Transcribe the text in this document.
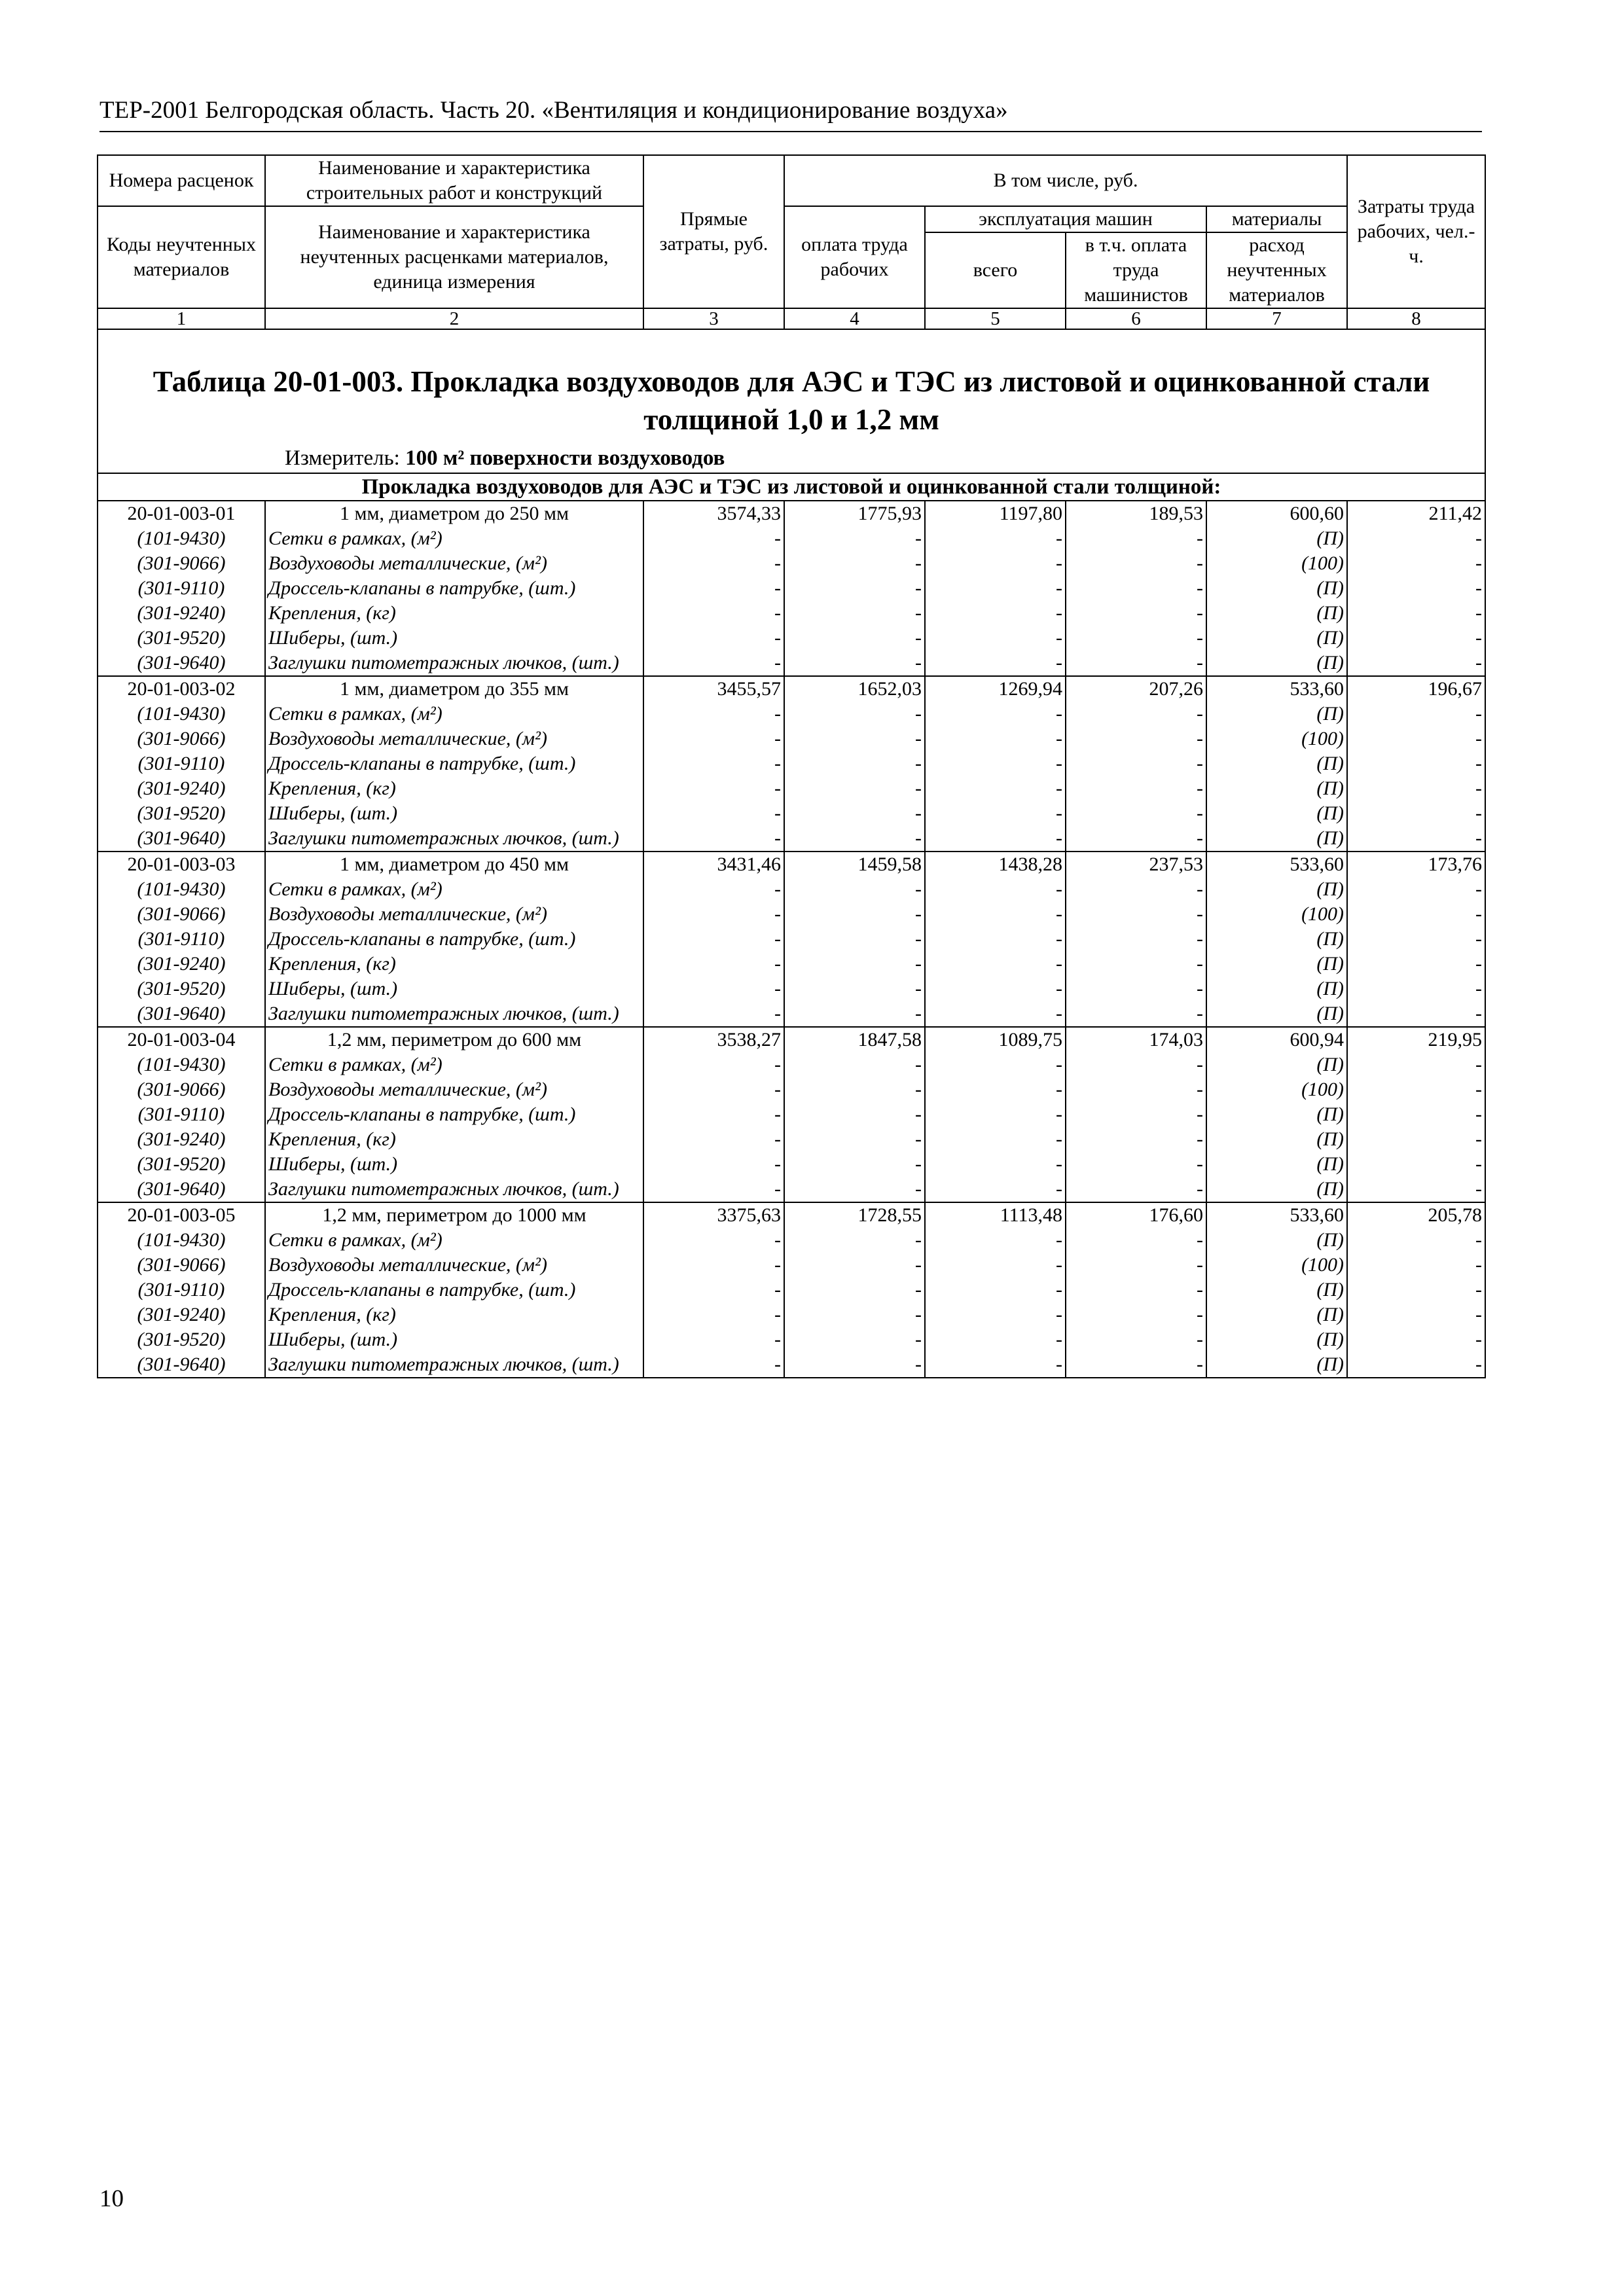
ТЕР-2001 Белгородская область. Часть 20. «Вентиляция и кондиционирование воздуха»
Номера расценок	Наименование и характеристика строительных работ и конструкций	Прямые затраты, руб.	В том числе, руб.				Затраты труда рабочих, чел.-ч.
Коды неучтенных материалов	Наименование и характеристика неучтенных расценками материалов, единица измерения		оплата труда рабочих	эксплуатация машин		материалы	
				всего	в т.ч. оплата труда машинистов	расход неучтенных материалов	
1	2	3	4	5	6	7	8

Таблица 20-01-003. Прокладка воздуховодов для АЭС и ТЭС из листовой и оцинкованной стали толщиной 1,0 и 1,2 мм
Измеритель: 100 м² поверхности воздуховодов							

Прокладка воздуховодов для АЭС и ТЭС из листовой и оцинкованной стали толщиной:							
20-01-003-01	1 мм, диаметром до 250 мм	3574,33	1775,93	1197,80	189,53	600,60	211,42
(101-9430)	Сетки в рамках, (м²)	-	-	-	-	(П)	-
(301-9066)	Воздуховоды металлические, (м²)	-	-	-	-	(100)	-
(301-9110)	Дроссель-клапаны в патрубке, (шт.)	-	-	-	-	(П)	-
(301-9240)	Крепления, (кг)	-	-	-	-	(П)	-
(301-9520)	Шиберы, (шт.)	-	-	-	-	(П)	-
(301-9640)	Заглушки питометражных лючков, (шт.)	-	-	-	-	(П)	-
20-01-003-02	1 мм, диаметром до 355 мм	3455,57	1652,03	1269,94	207,26	533,60	196,67
(101-9430)	Сетки в рамках, (м²)	-	-	-	-	(П)	-
(301-9066)	Воздуховоды металлические, (м²)	-	-	-	-	(100)	-
(301-9110)	Дроссель-клапаны в патрубке, (шт.)	-	-	-	-	(П)	-
(301-9240)	Крепления, (кг)	-	-	-	-	(П)	-
(301-9520)	Шиберы, (шт.)	-	-	-	-	(П)	-
(301-9640)	Заглушки питометражных лючков, (шт.)	-	-	-	-	(П)	-
20-01-003-03	1 мм, диаметром до 450 мм	3431,46	1459,58	1438,28	237,53	533,60	173,76
(101-9430)	Сетки в рамках, (м²)	-	-	-	-	(П)	-
(301-9066)	Воздуховоды металлические, (м²)	-	-	-	-	(100)	-
(301-9110)	Дроссель-клапаны в патрубке, (шт.)	-	-	-	-	(П)	-
(301-9240)	Крепления, (кг)	-	-	-	-	(П)	-
(301-9520)	Шиберы, (шт.)	-	-	-	-	(П)	-
(301-9640)	Заглушки питометражных лючков, (шт.)	-	-	-	-	(П)	-
20-01-003-04	1,2 мм, периметром до 600 мм	3538,27	1847,58	1089,75	174,03	600,94	219,95
(101-9430)	Сетки в рамках, (м²)	-	-	-	-	(П)	-
(301-9066)	Воздуховоды металлические, (м²)	-	-	-	-	(100)	-
(301-9110)	Дроссель-клапаны в патрубке, (шт.)	-	-	-	-	(П)	-
(301-9240)	Крепления, (кг)	-	-	-	-	(П)	-
(301-9520)	Шиберы, (шт.)	-	-	-	-	(П)	-
(301-9640)	Заглушки питометражных лючков, (шт.)	-	-	-	-	(П)	-
20-01-003-05	1,2 мм, периметром до 1000 мм	3375,63	1728,55	1113,48	176,60	533,60	205,78
(101-9430)	Сетки в рамках, (м²)	-	-	-	-	(П)	-
(301-9066)	Воздуховоды металлические, (м²)	-	-	-	-	(100)	-
(301-9110)	Дроссель-клапаны в патрубке, (шт.)	-	-	-	-	(П)	-
(301-9240)	Крепления, (кг)	-	-	-	-	(П)	-
(301-9520)	Шиберы, (шт.)	-	-	-	-	(П)	-
(301-9640)	Заглушки питометражных лючков, (шт.)	-	-	-	-	(П)	-
10
